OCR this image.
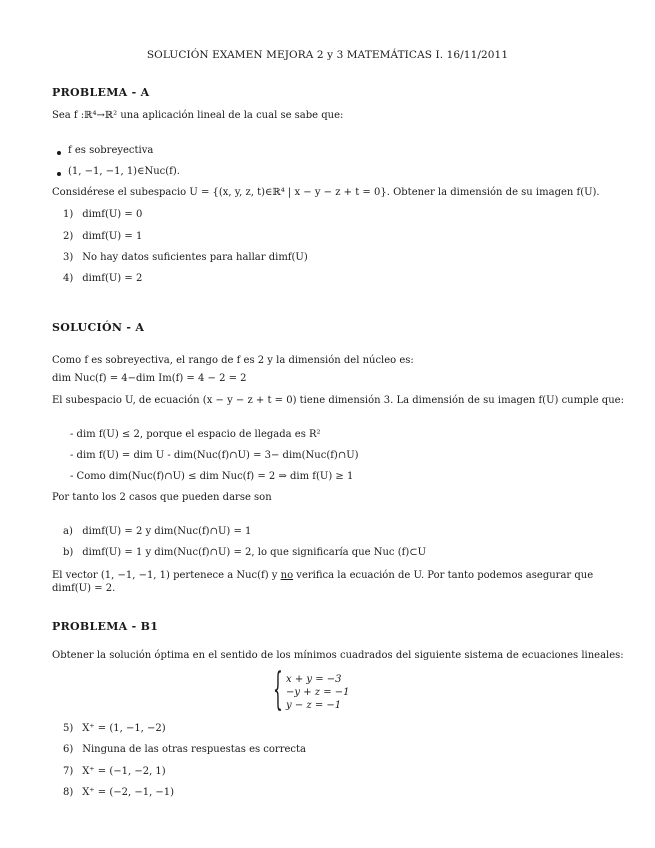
SOLUCIÓN EXAMEN MEJORA 2 y 3 MATEMÁTICAS I. 16/11/2011
PROBLEMA - A
Sea f :ℝ⁴→ℝ² una aplicación lineal de la cual se sabe que:
f es sobreyectiva
(1, −1, −1, 1)∈Nuc(f).
Considérese el subespacio U = {(x, y, z, t)∈ℝ⁴ | x − y − z + t = 0}. Obtener la dimensión de su imagen f(U).
1) dimf(U) = 0
2) dimf(U) = 1
3) No hay datos suficientes para hallar dimf(U)
4) dimf(U) = 2
SOLUCIÓN - A
Como f es sobreyectiva, el rango de f es 2 y la dimensión del núcleo es:
dim Nuc(f) = 4−dim Im(f) = 4 − 2 = 2
El subespacio U, de ecuación (x − y − z + t = 0) tiene dimensión 3. La dimensión de su imagen f(U) cumple que:
- dim f(U) ≤ 2, porque el espacio de llegada es R²
- dim f(U) = dim U - dim(Nuc(f)∩U) = 3− dim(Nuc(f)∩U)
- Como dim(Nuc(f)∩U) ≤ dim Nuc(f) = 2 ⇒ dim f(U) ≥ 1
Por tanto los 2 casos que pueden darse son
a) dimf(U) = 2 y dim(Nuc(f)∩U) = 1
b) dimf(U) = 1 y dim(Nuc(f)∩U) = 2, lo que significaría que Nuc (f)⊂U
El vector (1, −1, −1, 1) pertenece a Nuc(f) y no verifica la ecuación de U. Por tanto podemos asegurar que
dimf(U) = 2.
PROBLEMA - B1
Obtener la solución óptima en el sentido de los mínimos cuadrados del siguiente sistema de ecuaciones lineales:
{ x + y = −3
−y + z = −1
y − z = −1
5) X⁺ = (1, −1, −2)
6) Ninguna de las otras respuestas es correcta
7) X⁺ = (−1, −2, 1)
8) X⁺ = (−2, −1, −1)
